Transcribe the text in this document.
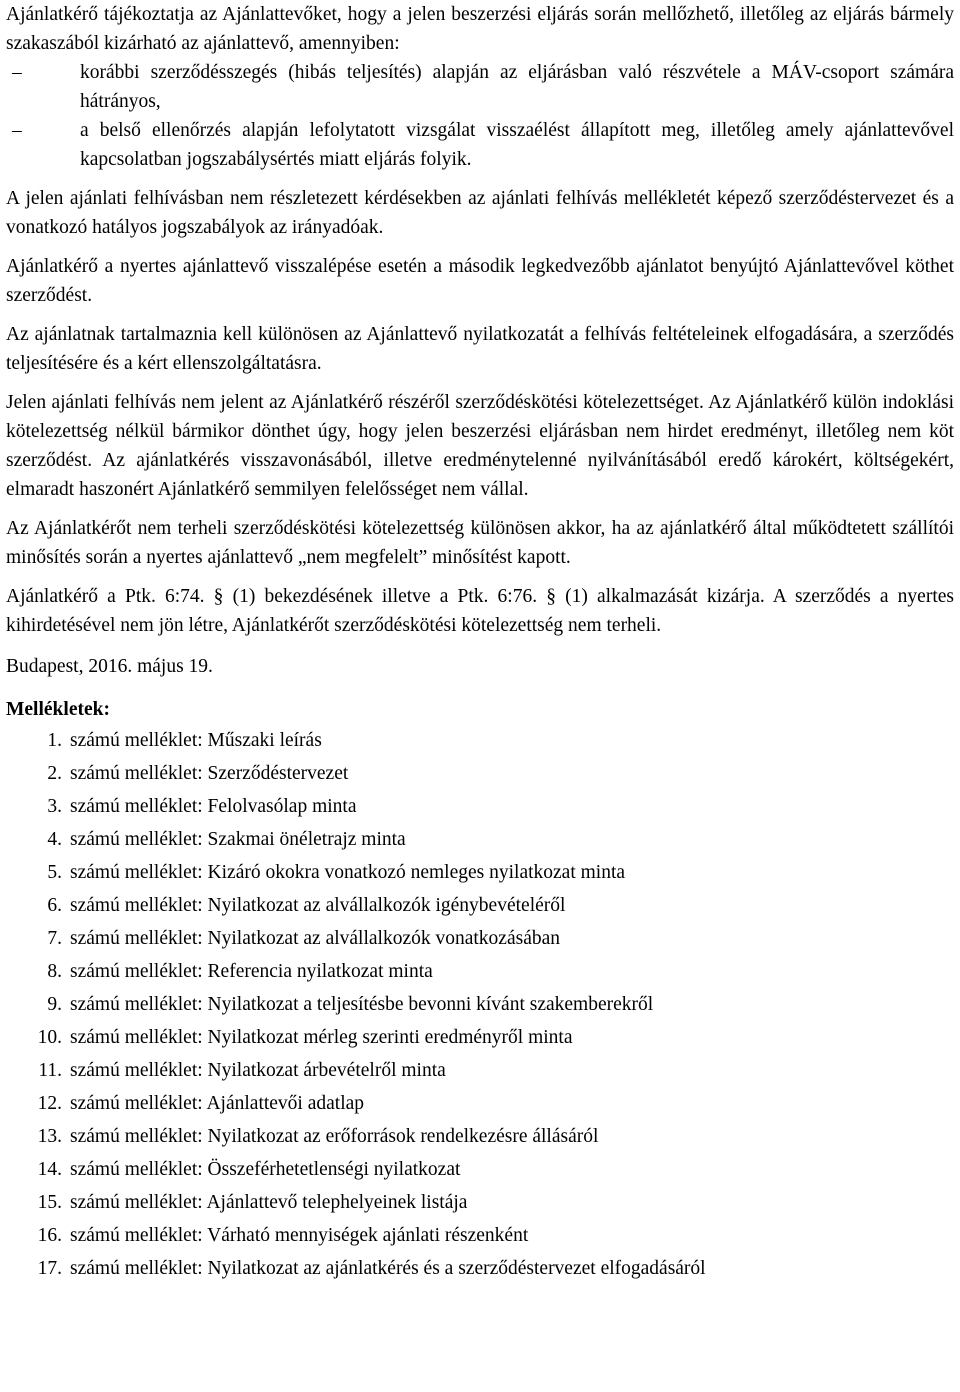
Ajánlatkérő tájékoztatja az Ajánlattevőket, hogy a jelen beszerzési eljárás során mellőzhető, illetőleg az eljárás bármely szakaszából kizárható az ajánlattevő, amennyiben:

–	korábbi szerződésszegés (hibás teljesítés) alapján az eljárásban való részvétele a MÁV-csoport számára hátrányos,
–	a belső ellenőrzés alapján lefolytatott vizsgálat visszaélést állapított meg, illetőleg amely ajánlattevővel kapcsolatban jogszabálysértés miatt eljárás folyik.

A jelen ajánlati felhívásban nem részletezett kérdésekben az ajánlati felhívás mellékletét képező szerződéstervezet és a vonatkozó hatályos jogszabályok az irányadóak.

Ajánlatkérő a nyertes ajánlattevő visszalépése esetén a második legkedvezőbb ajánlatot benyújtó Ajánlattevővel köthet szerződést.

Az ajánlatnak tartalmaznia kell különösen az Ajánlattevő nyilatkozatát a felhívás feltételeinek elfogadására, a szerződés teljesítésére és a kért ellenszolgáltatásra.

Jelen ajánlati felhívás nem jelent az Ajánlatkérő részéről szerződéskötési kötelezettséget. Az Ajánlatkérő külön indoklási kötelezettség nélkül bármikor dönthet úgy, hogy jelen beszerzési eljárásban nem hirdet eredményt, illetőleg nem köt szerződést. Az ajánlatkérés visszavonásából, illetve eredménytelenné nyilvánításából eredő károkért, költségekért, elmaradt haszonért Ajánlatkérő semmilyen felelősséget nem vállal.

Az Ajánlatkérőt nem terheli szerződéskötési kötelezettség különösen akkor, ha az ajánlatkérő által működtetett szállítói minősítés során a nyertes ajánlattevő „nem megfelelt” minősítést kapott.

Ajánlatkérő a Ptk. 6:74. § (1) bekezdésének illetve a Ptk. 6:76. § (1) alkalmazását kizárja. A szerződés a nyertes kihirdetésével nem jön létre, Ajánlatkérőt szerződéskötési kötelezettség nem terheli.

Budapest, 2016. május 19.

Mellékletek:

1. számú melléklet: Műszaki leírás
2. számú melléklet: Szerződéstervezet
3. számú melléklet: Felolvasólap minta
4. számú melléklet: Szakmai önéletrajz minta
5. számú melléklet: Kizáró okokra vonatkozó nemleges nyilatkozat minta
6. számú melléklet: Nyilatkozat az alvállalkozók igénybevételéről
7. számú melléklet: Nyilatkozat az alvállalkozók vonatkozásában
8. számú melléklet: Referencia nyilatkozat minta
9. számú melléklet: Nyilatkozat a teljesítésbe bevonni kívánt szakemberekről
10. számú melléklet: Nyilatkozat mérleg szerinti eredményről minta
11. számú melléklet: Nyilatkozat árbevételről minta
12. számú melléklet: Ajánlattevői adatlap
13. számú melléklet: Nyilatkozat az erőforrások rendelkezésre állásáról
14. számú melléklet: Összeférhetetlenségi nyilatkozat
15. számú melléklet: Ajánlattevő telephelyeinek listája
16. számú melléklet: Várható mennyiségek ajánlati részenként
17. számú melléklet: Nyilatkozat az ajánlatkérés és a szerződéstervezet elfogadásáról
